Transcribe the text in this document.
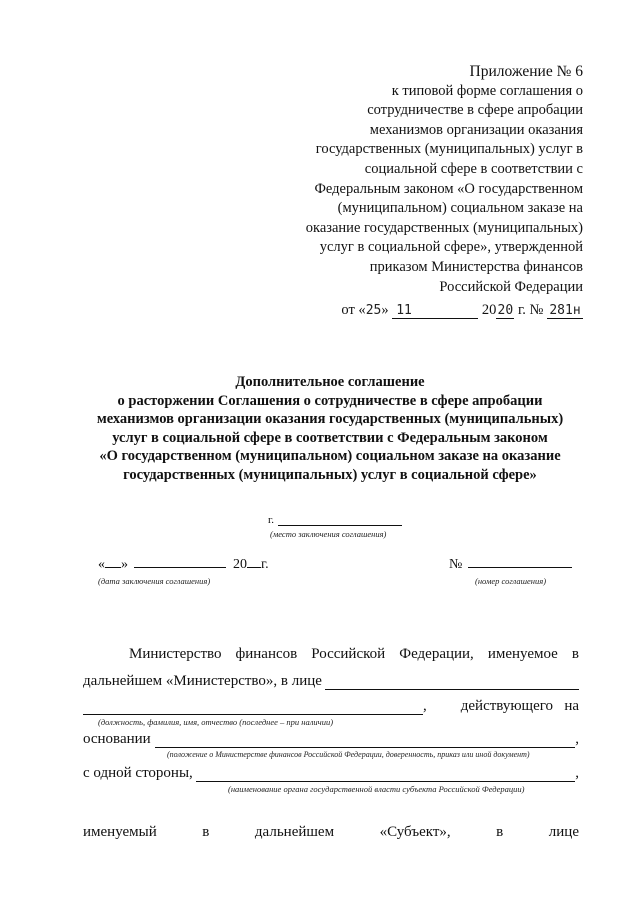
Приложение № 6
к типовой форме соглашения о
сотрудничестве в сфере апробации
механизмов организации оказания
государственных (муниципальных) услуг в
социальной сфере в соответствии с
Федеральным законом «О государственном
(муниципальном) социальном заказе на
оказание государственных (муниципальных)
услуг в социальной сфере», утвержденной
приказом Министерства финансов
Российской Федерации
от «25» 11	2020 г. № 281н
Дополнительное соглашение
о расторжении Соглашения о сотрудничестве в сфере апробации
механизмов организации оказания государственных (муниципальных)
услуг в социальной сфере в соответствии с Федеральным законом
«О государственном (муниципальном) социальном заказе на оказание
государственных (муниципальных) услуг в социальной сфере»
г.
(место заключения соглашения)
« »	20 г.
(дата заключения соглашения)
№
(номер соглашения)
Министерство финансов Российской Федерации, именуемое в
дальнейшем «Министерство», в лице
, действующего на
(должность, фамилия, имя, отчество (последнее – при наличии)
основании	,
(положение о Министерстве финансов Российской Федерации, доверенность, приказ или иной документ)
с одной стороны,	,
(наименование органа государственной власти субъекта Российской Федерации)
именуемый	в	дальнейшем	«Субъект»,	в	лице
